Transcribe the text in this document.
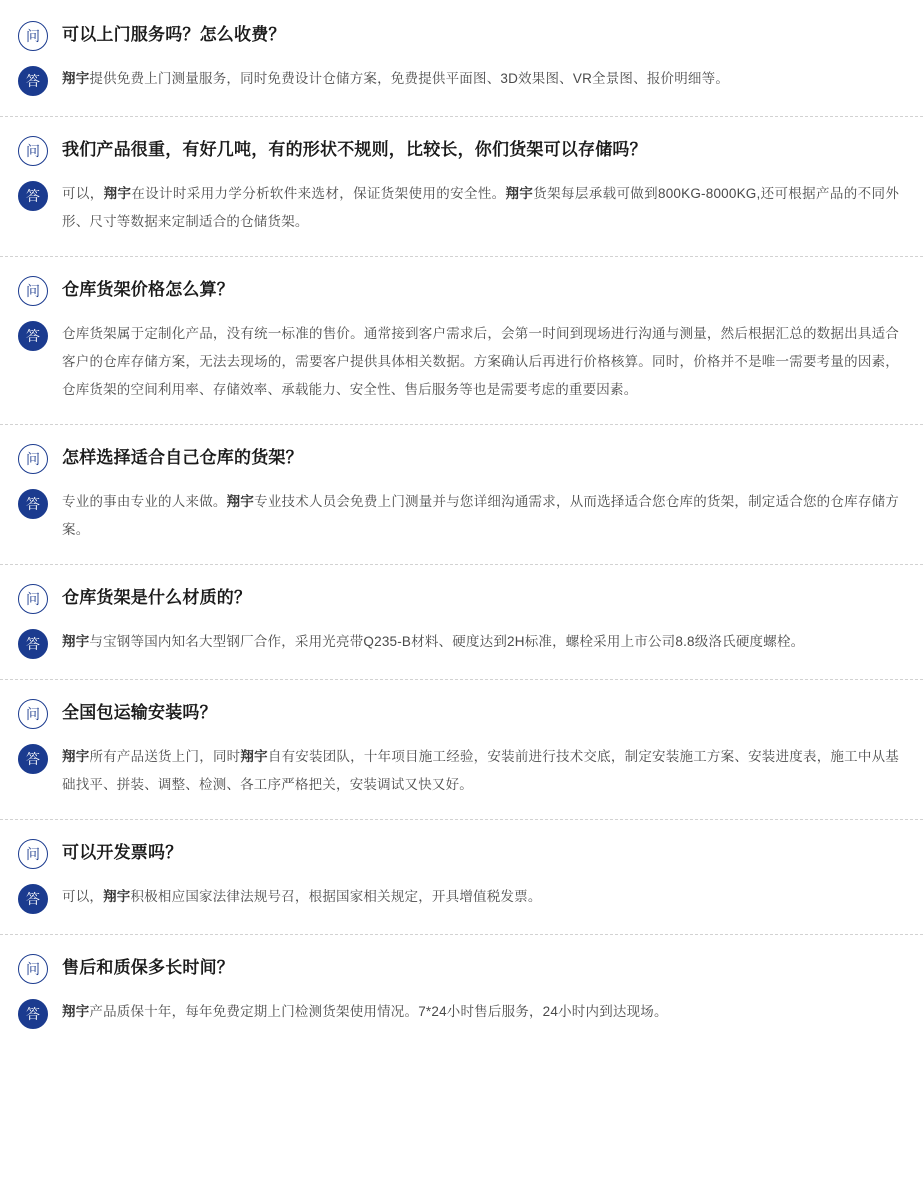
问	可以上门服务吗？怎么收费？
答	翔宇提供免费上门测量服务，同时免费设计仓储方案，免费提供平面图、3D效果图、VR全景图、报价明细等。
问	我们产品很重，有好几吨，有的形状不规则，比较长，你们货架可以存储吗？
答	可以，翔宇在设计时采用力学分析软件来选材，保证货架使用的安全性。翔宇货架每层承载可做到800KG-8000KG,还可根据产品的不同外形、尺寸等数据来定制适合的仓储货架。
问	仓库货架价格怎么算？
答	仓库货架属于定制化产品，没有统一标准的售价。通常接到客户需求后，会第一时间到现场进行沟通与测量，然后根据汇总的数据出具适合客户的仓库存储方案，无法去现场的，需要客户提供具体相关数据。方案确认后再进行价格核算。同时，价格并不是唯一需要考量的因素，仓库货架的空间利用率、存储效率、承载能力、安全性、售后服务等也是需要考虑的重要因素。
问	怎样选择适合自己仓库的货架？
答	专业的事由专业的人来做。翔宇专业技术人员会免费上门测量并与您详细沟通需求，从而选择适合您仓库的货架，制定适合您的仓库存储方案。
问	仓库货架是什么材质的？
答	翔宇与宝钢等国内知名大型钢厂合作，采用光亮带Q235-B材料、硬度达到2H标准，螺栓采用上市公司8.8级洛氏硬度螺栓。
问	全国包运输安装吗？
答	翔宇所有产品送货上门，同时翔宇自有安装团队，十年项目施工经验，安装前进行技术交底，制定安装施工方案、安装进度表，施工中从基础找平、拼装、调整、检测、各工序严格把关，安装调试又快又好。
问	可以开发票吗？
答	可以，翔宇积极相应国家法律法规号召，根据国家相关规定，开具增值税发票。
问	售后和质保多长时间？
答	翔宇产品质保十年，每年免费定期上门检测货架使用情况。7*24小时售后服务，24小时内到达现场。
